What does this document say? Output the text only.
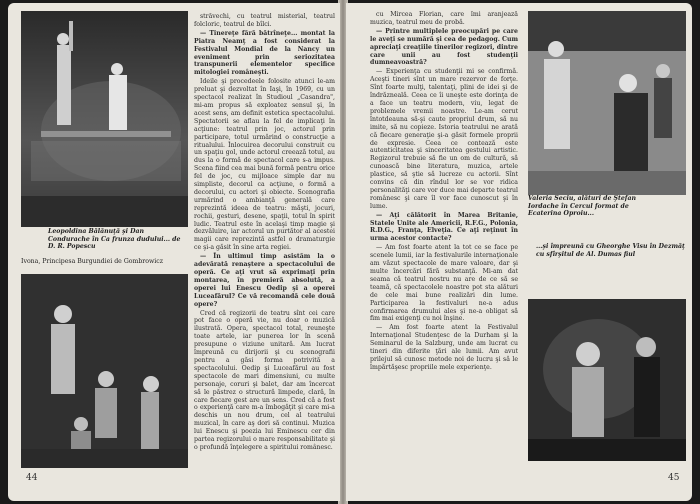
Leopoldina Bălănuţă şi Dan Condurache în Ca frunza dudului... de D. R. Popescu
Ivona, Principesa Burgundiei de Gombrowicz

străvechi, cu teatrul misterial, teatrul folcloric, teatrul de bîlci.

— Tinereţe fără bătrîneţe... montat la Piatra Neamţ a fost considerat la Festivalul Mondial de la Nancy un eveniment prin seriozitatea transpunerii elementelor specifice mitologiei româneşti.

Ideile şi procedeele folosite atunci le-am preluat şi dezvoltat în Iaşi, în 1969, cu un spectacol realizat în Studioul „Casandra", mi-am propus să exploatez sensul şi, în acest sens, am definit estetica spectacolului. Spectatorii se aflau la fel de implicaţi în acţiune: teatrul prin joc, actorul prin participare, totul urmărind o construcţie a ritualului. Înlocuirea decorului construit cu un spaţiu gol, unde actorul creează totul, au dus la o formă de spectacol care s-a impus. Scena fiind cea mai bună formă pentru orice fel de joc, cu mijloace simple dar nu simpliste, decorul ca acţiune, o formă a decorului, cu actori şi obiecte. Scenografia urmărind o ambianţă generală care reprezintă ideea de teatru: măşti, jocuri, rochii, gesturi, desene, spaţii, totul în spirit ludic. Teatrul este în acelaşi timp magie şi dezvăluire, iar actorul un purtător al acestei magii care reprezintă astfel o dramaturgie ce şi-a găsit în sine arta regiei.

— În ultimul timp asistăm la o adevărată renaştere a spectacolului de operă. Ce aţi vrut să exprimaţi prin montarea, în premieră absolută, a operei lui Enescu Oedip şi a operei Luceafărul? Ce vă recomandă cele două opere?

Cred că regizorii de teatru sînt cei care pot face o operă vie, nu doar o muzică ilustrată. Opera, spectacol total, reuneşte toate artele, iar punerea lor în scenă presupune o viziune unitară. Am lucrat împreună cu dirijorii şi cu scenografii pentru a găsi forma potrivită a spectacolului. Oedip şi Luceafărul au fost spectacole de mari dimensiuni, cu multe personaje, coruri şi balet, dar am încercat să le păstrez o structură limpede, clară, în care fiecare gest are un sens. Cred că a fost o experienţă care m-a îmbogăţit şi care mi-a deschis un nou drum, cel al teatrului muzical, în care aş dori să continui. Muzica lui Enescu şi poezia lui Eminescu cer din partea regizorului o mare responsabilitate şi o profundă înţelegere a spiritului românesc.

44

cu Mircea Florian, care îmi aranjează muzica, teatrul meu de probă.

— Printre multiplele preocupări pe care le aveţi se numără şi cea de pedagog. Cum apreciaţi creaţiile tinerilor regizori, dintre care unii au fost studenţii dumneavoastră?

— Experienţa cu studenţii mi se confirmă. Aceşti tineri sînt un mare rezervor de forţe. Sînt foarte mulţi, talentaţi, plini de idei şi de îndrăzneală. Ceea ce îi uneşte este dorinţa de a face un teatru modern, viu, legat de problemele vremii noastre. Le-am cerut întotdeauna să-şi caute propriul drum, să nu imite, să nu copieze. Istoria teatrului ne arată că fiecare generaţie şi-a găsit formele proprii de expresie. Ceea ce contează este autenticitatea şi sinceritatea gestului artistic. Regizorul trebuie să fie un om de cultură, să cunoască bine literatura, muzica, artele plastice, să ştie să lucreze cu actorii. Sînt convins că din rîndul lor se vor ridica personalităţi care vor duce mai departe teatrul românesc şi care îl vor face cunoscut şi în lume.

— Aţi călătorit în Marea Britanie, Statele Unite ale Americii, R.F.G., Polonia, R.D.G., Franţa, Elveţia. Ce aţi reţinut în urma acestor contacte?

— Am fost foarte atent la tot ce se face pe scenele lumii, iar la festivalurile internaţionale am văzut spectacole de mare valoare, dar şi multe încercări fără substanţă. Mi-am dat seama că teatrul nostru nu are de ce să se teamă, că spectacolele noastre pot sta alături de cele mai bune realizări din lume. Participarea la festivaluri ne-a adus confirmarea drumului ales şi ne-a obligat să fim mai exigenţi cu noi înşine.

— Am fost foarte atent la Festivalul Internaţional Studenţesc de la Durham şi la Seminarul de la Salzburg, unde am lucrat cu tineri din diferite ţări ale lumii. Am avut prilejul să cunosc metode noi de lucru şi să le împărtăşesc propriile mele experienţe.

Valeria Seciu, alături de Ştefan Iordache în Cercul format de Ecaterina Oproiu...
...şi împreună cu Gheorghe Visu în Dezmăţ cu sfîrşitul de Al. Dumas fiul
45
